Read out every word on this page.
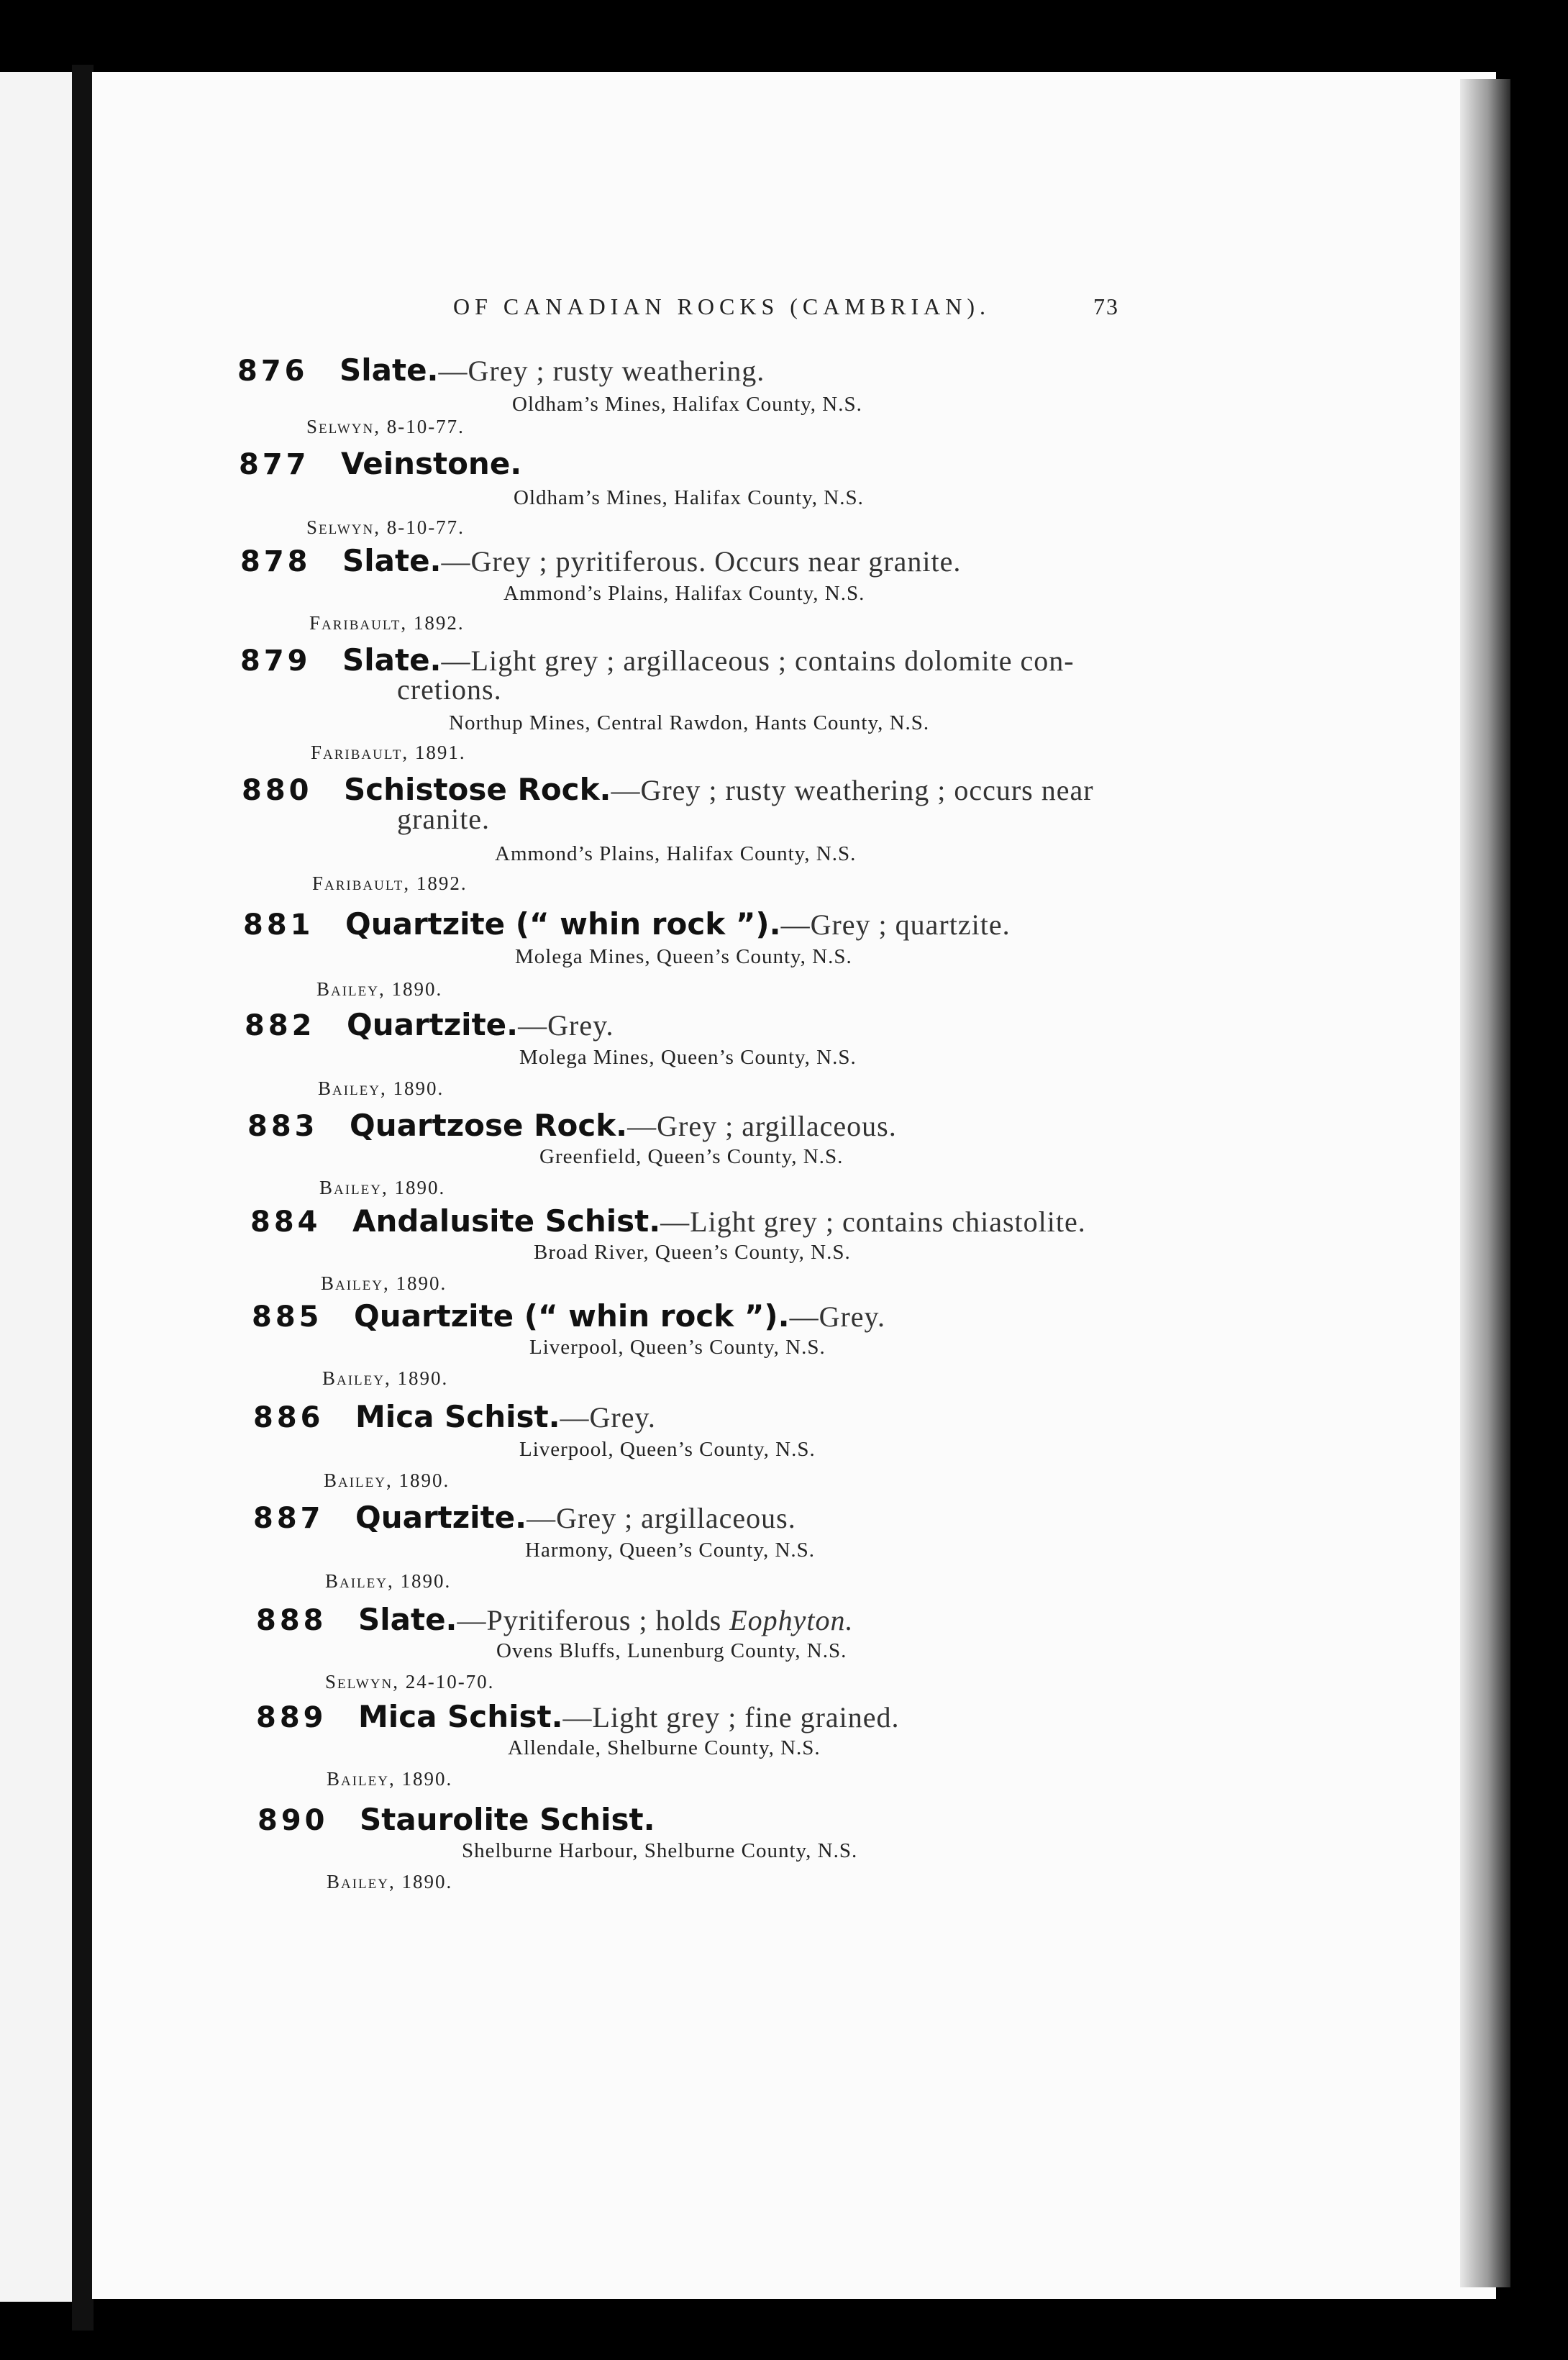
OF CANADIAN ROCKS (CAMBRIAN).	73
876 Slate.—Grey ; rusty weathering.
Oldham’s Mines, Halifax County, N.S.
Selwyn, 8-10-77.
877 Veinstone.
Oldham’s Mines, Halifax County, N.S.
Selwyn, 8-10-77.
878 Slate.—Grey ; pyritiferous. Occurs near granite.
Ammond’s Plains, Halifax County, N.S.
Faribault, 1892.
879 Slate.—Light grey ; argillaceous ; contains dolomite con-
cretions.
Northup Mines, Central Rawdon, Hants County, N.S.
Faribault, 1891.
880 Schistose Rock.—Grey ; rusty weathering ; occurs near
granite.
Ammond’s Plains, Halifax County, N.S.
Faribault, 1892.
881 Quartzite (“ whin rock ”).—Grey ; quartzite.
Molega Mines, Queen’s County, N.S.
Bailey, 1890.
882 Quartzite.—Grey.
Molega Mines, Queen’s County, N.S.
Bailey, 1890.
883 Quartzose Rock.—Grey ; argillaceous.
Greenfield, Queen’s County, N.S.
Bailey, 1890.
884 Andalusite Schist.—Light grey ; contains chiastolite.
Broad River, Queen’s County, N.S.
Bailey, 1890.
885 Quartzite (“ whin rock ”).—Grey.
Liverpool, Queen’s County, N.S.
Bailey, 1890.
886 Mica Schist.—Grey.
Liverpool, Queen’s County, N.S.
Bailey, 1890.
887 Quartzite.—Grey ; argillaceous.
Harmony, Queen’s County, N.S.
Bailey, 1890.
888 Slate.—Pyritiferous ; holds Eophyton.
Ovens Bluffs, Lunenburg County, N.S.
Selwyn, 24-10-70.
889 Mica Schist.—Light grey ; fine grained.
Allendale, Shelburne County, N.S.
Bailey, 1890.
890 Staurolite Schist.
Shelburne Harbour, Shelburne County, N.S.
Bailey, 1890.
